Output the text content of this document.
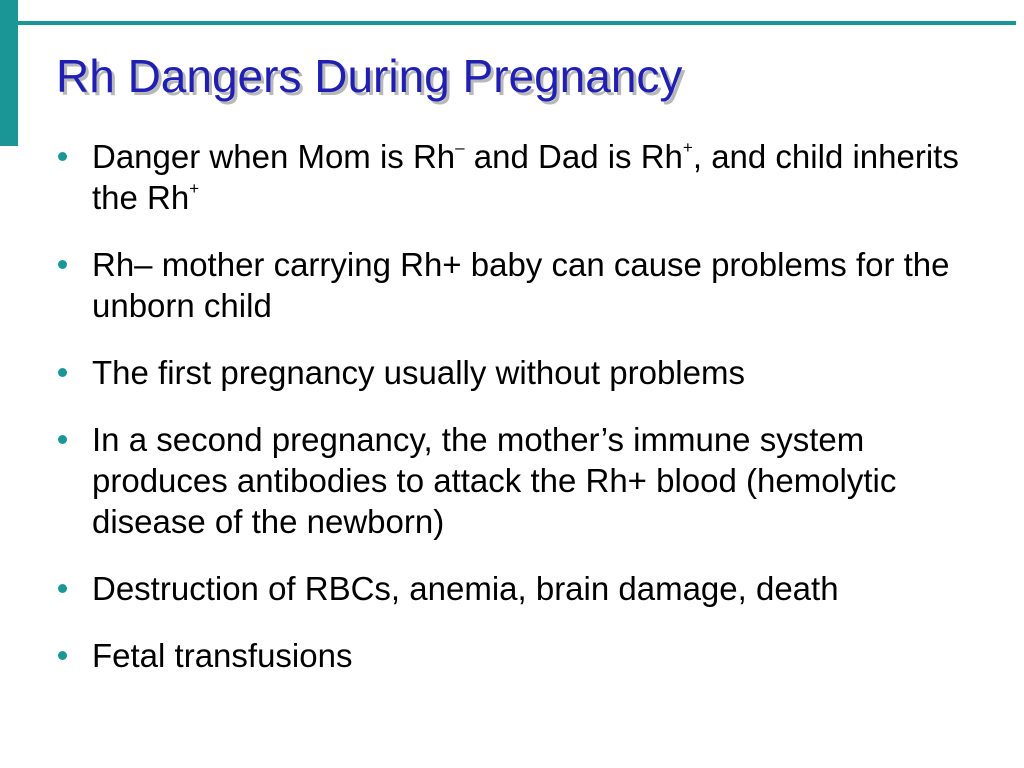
Rh Dangers During Pregnancy
Danger when Mom is Rh– and Dad is Rh+, and child inherits the Rh+
Rh– mother carrying Rh+ baby can cause problems for the unborn child
The first pregnancy usually without problems
In a second pregnancy, the mother’s immune system produces antibodies to attack the Rh+ blood (hemolytic disease of the newborn)
Destruction of RBCs, anemia, brain damage, death
Fetal transfusions
